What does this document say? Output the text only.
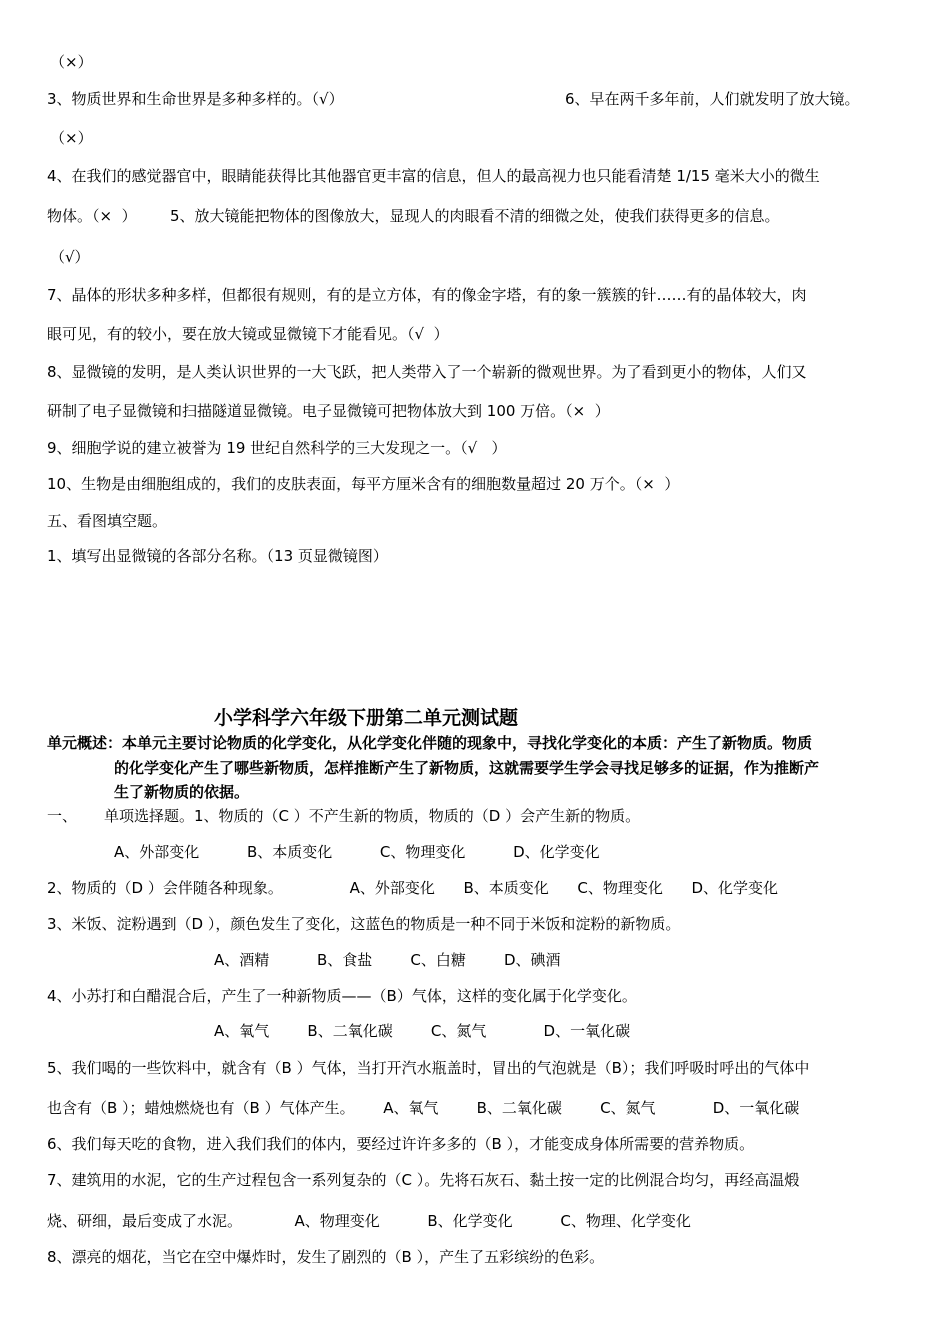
（×）
3、物质世界和生命世界是多种多样的。（√）	6、早在两千多年前，人们就发明了放大镜。
（×）
4、在我们的感觉器官中，眼睛能获得比其他器官更丰富的信息，但人的最高视力也只能看清楚 1/15 毫米大小的微生
物体。（×  ）       5、放大镜能把物体的图像放大，显现人的肉眼看不清的细微之处，使我们获得更多的信息。
（√）
7、晶体的形状多种多样，但都很有规则，有的是立方体，有的像金字塔，有的象一簇簇的针……有的晶体较大，肉
眼可见，有的较小，要在放大镜或显微镜下才能看见。（√  ）
8、显微镜的发明，是人类认识世界的一大飞跃，把人类带入了一个崭新的微观世界。为了看到更小的物体，人们又
研制了电子显微镜和扫描隧道显微镜。电子显微镜可把物体放大到 100 万倍。（×  ）
9、细胞学说的建立被誉为 19 世纪自然科学的三大发现之一。（√   ）
10、生物是由细胞组成的，我们的皮肤表面，每平方厘米含有的细胞数量超过 20 万个。（×  ）
五、看图填空题。
1、填写出显微镜的各部分名称。（13 页显微镜图）
小学科学六年级下册第二单元测试题
单元概述：本单元主要讨论物质的化学变化，从化学变化伴随的现象中，寻找化学变化的本质：产生了新物质。物质
的化学变化产生了哪些新物质，怎样推断产生了新物质，这就需要学生学会寻找足够多的证据，作为推断产
生了新物质的依据。
一、 单项选择题。1、物质的（C ）不产生新的物质，物质的（D ）会产生新的物质。
A、外部变化          B、本质变化          C、物理变化          D、化学变化
2、物质的（D ）会伴随各种现象。              A、外部变化      B、本质变化      C、物理变化      D、化学变化
3、米饭、淀粉遇到（D ），颜色发生了变化，这蓝色的物质是一种不同于米饭和淀粉的新物质。
A、酒精          B、食盐        C、白糖        D、碘酒
4、小苏打和白醋混合后，产生了一种新物质——（B）气体，这样的变化属于化学变化。
A、氧气        B、二氧化碳        C、氮气            D、一氧化碳
5、我们喝的一些饮料中，就含有（B ）气体，当打开汽水瓶盖时，冒出的气泡就是（B）；我们呼吸时呼出的气体中
也含有（B ）；蜡烛燃烧也有（B ）气体产生。      A、氧气        B、二氧化碳        C、氮气            D、一氧化碳
6、我们每天吃的食物，进入我们我们的体内，要经过许许多多的（B ），才能变成身体所需要的营养物质。
7、建筑用的水泥，它的生产过程包含一系列复杂的（C ）。先将石灰石、黏土按一定的比例混合均匀，再经高温煅
烧、研细，最后变成了水泥。           A、物理变化          B、化学变化          C、物理、化学变化
8、漂亮的烟花，当它在空中爆炸时，发生了剧烈的（B ），产生了五彩缤纷的色彩。
